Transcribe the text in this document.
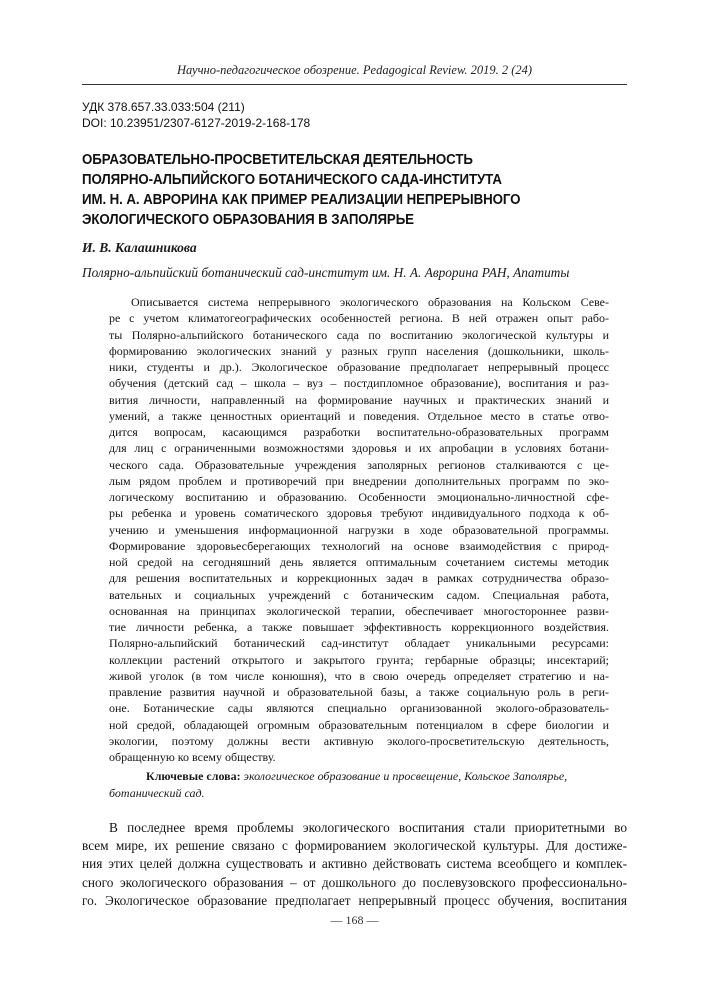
Научно-педагогическое обозрение. Pedagogical Review. 2019. 2 (24)
УДК 378.657.33.033:504 (211)
DOI: 10.23951/2307-6127-2019-2-168-178
ОБРАЗОВАТЕЛЬНО-ПРОСВЕТИТЕЛЬСКАЯ ДЕЯТЕЛЬНОСТЬ
ПОЛЯРНО-АЛЬПИЙСКОГО БОТАНИЧЕСКОГО САДА-ИНСТИТУТА
ИМ. Н. А. АВРОРИНА КАК ПРИМЕР РЕАЛИЗАЦИИ НЕПРЕРЫВНОГО
ЭКОЛОГИЧЕСКОГО ОБРАЗОВАНИЯ В ЗАПОЛЯРЬЕ
И. В. Калашникова
Полярно-альпийский ботанический сад-институт им. Н. А. Аврорина РАН, Апатиты
Описывается система непрерывного экологического образования на Кольском Севе-
ре с учетом климатогеографических особенностей региона. В ней отражен опыт рабо-
ты Полярно-альпийского ботанического сада по воспитанию экологической культуры и
формированию экологических знаний у разных групп населения (дошкольники, школь-
ники, студенты и др.). Экологическое образование предполагает непрерывный процесс
обучения (детский сад – школа – вуз – постдипломное образование), воспитания и раз-
вития личности, направленный на формирование научных и практических знаний и
умений, а также ценностных ориентаций и поведения. Отдельное место в статье отво-
дится вопросам, касающимся разработки воспитательно-образовательных программ
для лиц с ограниченными возможностями здоровья и их апробации в условиях ботани-
ческого сада. Образовательные учреждения заполярных регионов сталкиваются с це-
лым рядом проблем и противоречий при внедрении дополнительных программ по эко-
логическому воспитанию и образованию. Особенности эмоционально-личностной сфе-
ры ребенка и уровень соматического здоровья требуют индивидуального подхода к об-
учению и уменьшения информационной нагрузки в ходе образовательной программы.
Формирование здоровьесберегающих технологий на основе взаимодействия с природ-
ной средой на сегодняшний день является оптимальным сочетанием системы методик
для решения воспитательных и коррекционных задач в рамках сотрудничества образо-
вательных и социальных учреждений с ботаническим садом. Специальная работа,
основанная на принципах экологической терапии, обеспечивает многостороннее разви-
тие личности ребенка, а также повышает эффективность коррекционного воздействия.
Полярно-альпийский ботанический сад-институт обладает уникальными ресурсами:
коллекции растений открытого и закрытого грунта; гербарные образцы; инсектарий;
живой уголок (в том числе конюшня), что в свою очередь определяет стратегию и на-
правление развития научной и образовательной базы, а также социальную роль в реги-
оне. Ботанические сады являются специально организованной эколого-образователь-
ной средой, обладающей огромным образовательным потенциалом в сфере биологии и
экологии, поэтому должны вести активную эколого-просветительскую деятельность,
обращенную ко всему обществу.
Ключевые слова: экологическое образование и просвещение, Кольское Заполярье,
ботанический сад.
В последнее время проблемы экологического воспитания стали приоритетными во
всем мире, их решение связано с формированием экологической культуры. Для достиже-
ния этих целей должна существовать и активно действовать система всеобщего и комплек-
сного экологического образования – от дошкольного до послевузовского профессионально-
го. Экологическое образование предполагает непрерывный процесс обучения, воспитания
— 168 —
